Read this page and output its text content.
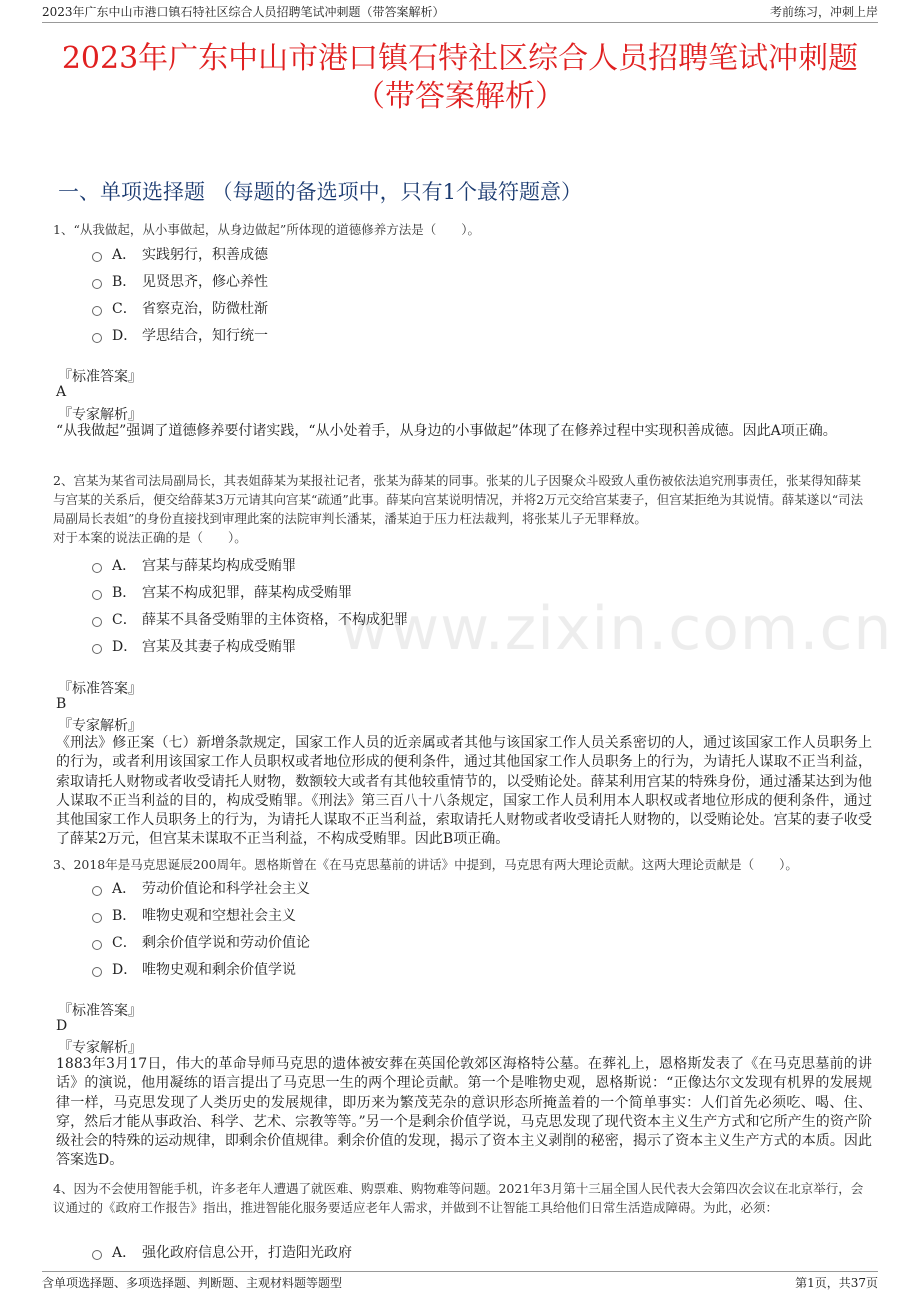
2023年广东中山市港口镇石特社区综合人员招聘笔试冲刺题（带答案解析）	考前练习，冲刺上岸
2023年广东中山市港口镇石特社区综合人员招聘笔试冲刺题
（带答案解析）
一、单项选择题 （每题的备选项中，只有1个最符题意）
www.zixin.com.cn
1、“从我做起，从小事做起，从身边做起”所体现的道德修养方法是（　　）。
A． 实践躬行，积善成德
B． 见贤思齐，修心养性
C． 省察克治，防微杜渐
D． 学思结合，知行统一
『标准答案』
A
『专家解析』
“从我做起”强调了道德修养要付诸实践，“从小处着手，从身边的小事做起”体现了在修养过程中实现积善成德。因此A项正确。
2、宫某为某省司法局副局长，其表姐薛某为某报社记者，张某为薛某的同事。张某的儿子因聚众斗殴致人重伤被依法追究刑事责任，张某得知薛某与宫某的关系后，便交给薛某3万元请其向宫某“疏通”此事。薛某向宫某说明情况，并将2万元交给宫某妻子，但宫某拒绝为其说情。薛某遂以“司法局副局长表姐”的身份直接找到审理此案的法院审判长潘某，潘某迫于压力枉法裁判，将张某儿子无罪释放。
对于本案的说法正确的是（　　）。
A． 宫某与薛某均构成受贿罪
B． 宫某不构成犯罪，薛某构成受贿罪
C． 薛某不具备受贿罪的主体资格，不构成犯罪
D． 宫某及其妻子构成受贿罪
『标准答案』
B
『专家解析』
《刑法》修正案（七）新增条款规定，国家工作人员的近亲属或者其他与该国家工作人员关系密切的人，通过该国家工作人员职务上的行为，或者利用该国家工作人员职权或者地位形成的便利条件，通过其他国家工作人员职务上的行为，为请托人谋取不正当利益，索取请托人财物或者收受请托人财物，数额较大或者有其他较重情节的，以受贿论处。薛某利用宫某的特殊身份，通过潘某达到为他人谋取不正当利益的目的，构成受贿罪。《刑法》第三百八十八条规定，国家工作人员利用本人职权或者地位形成的便利条件，通过其他国家工作人员职务上的行为，为请托人谋取不正当利益，索取请托人财物或者收受请托人财物的，以受贿论处。宫某的妻子收受了薛某2万元，但宫某未谋取不正当利益，不构成受贿罪。因此B项正确。
3、2018年是马克思诞辰200周年。恩格斯曾在《在马克思墓前的讲话》中提到，马克思有两大理论贡献。这两大理论贡献是（　　）。
A． 劳动价值论和科学社会主义
B． 唯物史观和空想社会主义
C． 剩余价值学说和劳动价值论
D． 唯物史观和剩余价值学说
『标准答案』
D
『专家解析』
1883年3月17日，伟大的革命导师马克思的遗体被安葬在英国伦敦郊区海格特公墓。在葬礼上，恩格斯发表了《在马克思墓前的讲话》的演说，他用凝练的语言提出了马克思一生的两个理论贡献。第一个是唯物史观，恩格斯说：“正像达尔文发现有机界的发展规律一样，马克思发现了人类历史的发展规律，即历来为繁茂芜杂的意识形态所掩盖着的一个简单事实：人们首先必须吃、喝、住、穿，然后才能从事政治、科学、艺术、宗教等等。”另一个是剩余价值学说，马克思发现了现代资本主义生产方式和它所产生的资产阶级社会的特殊的运动规律，即剩余价值规律。剩余价值的发现，揭示了资本主义剥削的秘密，揭示了资本主义生产方式的本质。因此答案选D。
4、因为不会使用智能手机，许多老年人遭遇了就医难、购票难、购物难等问题。2021年3月第十三届全国人民代表大会第四次会议在北京举行，会议通过的《政府工作报告》指出，推进智能化服务要适应老年人需求，并做到不让智能工具给他们日常生活造成障碍。为此，必须：
A． 强化政府信息公开，打造阳光政府
含单项选择题、多项选择题、判断题、主观材料题等题型	第1页，共37页
